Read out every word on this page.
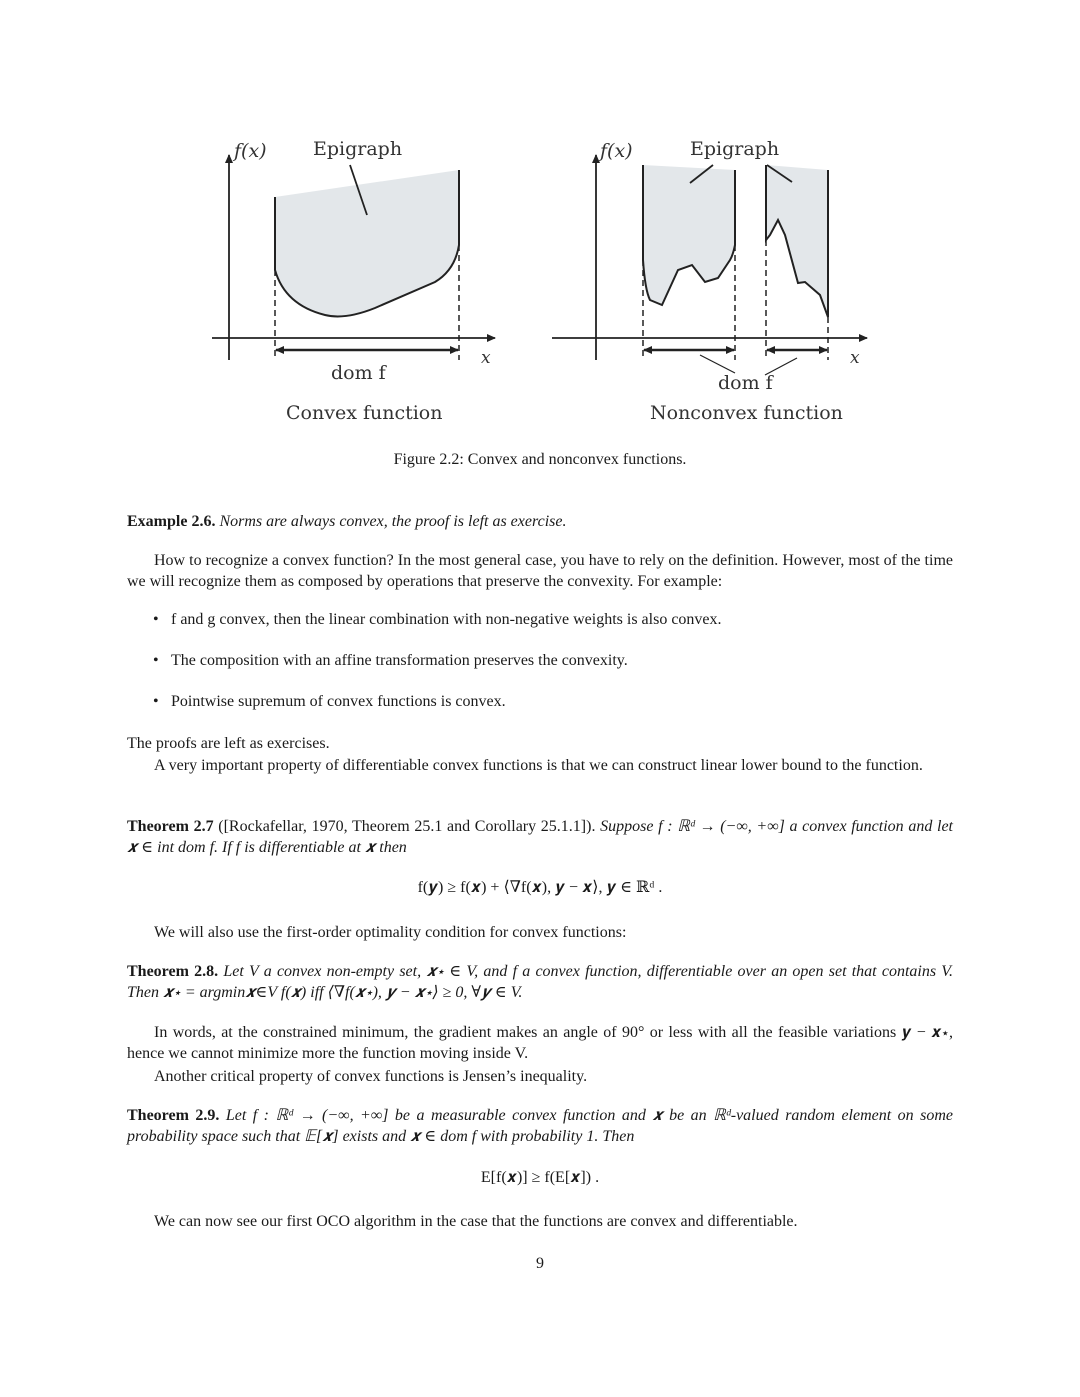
f(x) Epigraph
x
dom f
Convex function
f(x)	Epigraph
x
dom f
Nonconvex function
Figure 2.2: Convex and nonconvex functions.
Example 2.6. Norms are always convex, the proof is left as exercise.
How to recognize a convex function? In the most general case, you have to rely on the definition. However, most of the time we will recognize them as composed by operations that preserve the convexity. For example:
• f and g convex, then the linear combination with non-negative weights is also convex.
• The composition with an affine transformation preserves the convexity.
• Pointwise supremum of convex functions is convex.
The proofs are left as exercises.
A very important property of differentiable convex functions is that we can construct linear lower bound to the function.
Theorem 2.7 ([Rockafellar, 1970, Theorem 25.1 and Corollary 25.1.1]). Suppose f : ℝᵈ → (−∞, +∞] a convex function and let 𝒙 ∈ int dom f. If f is differentiable at 𝒙 then
f(𝒚) ≥ f(𝒙) + ⟨∇f(𝒙), 𝒚 − 𝒙⟩, 𝒚 ∈ ℝᵈ .
We will also use the first-order optimality condition for convex functions:
Theorem 2.8. Let V a convex non-empty set, 𝒙⋆ ∈ V, and f a convex function, differentiable over an open set that contains V. Then 𝒙⋆ = argmin𝒙∈V f(𝒙) iff ⟨∇f(𝒙⋆), 𝒚 − 𝒙⋆⟩ ≥ 0, ∀𝒚 ∈ V.
In words, at the constrained minimum, the gradient makes an angle of 90° or less with all the feasible variations 𝒚 − 𝒙⋆, hence we cannot minimize more the function moving inside V.
Another critical property of convex functions is Jensen’s inequality.
Theorem 2.9. Let f : ℝᵈ → (−∞, +∞] be a measurable convex function and 𝒙 be an ℝᵈ-valued random element on some probability space such that 𝔼[𝒙] exists and 𝒙 ∈ dom f with probability 1. Then
E[f(𝒙)] ≥ f(E[𝒙]) .
We can now see our first OCO algorithm in the case that the functions are convex and differentiable.
9
